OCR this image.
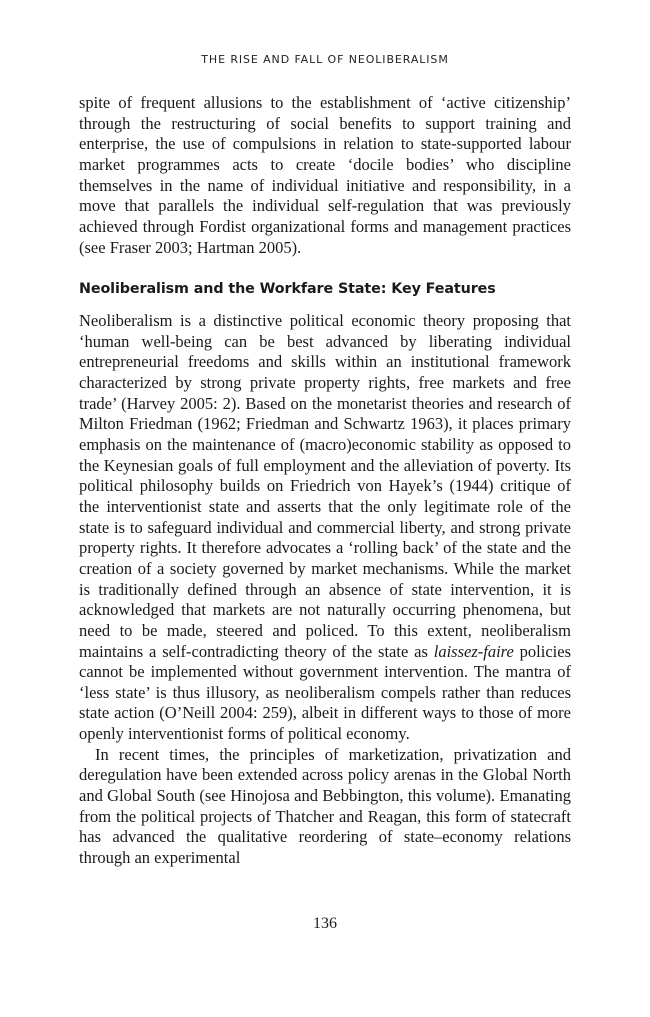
THE RISE AND FALL OF NEOLIBERALISM

spite of frequent allusions to the establishment of ‘active citizenship’ through the restructuring of social benefits to support training and enterprise, the use of compulsions in relation to state-supported labour market programmes acts to create ‘docile bodies’ who discipline themselves in the name of individual initiative and responsibility, in a move that parallels the individual self-regulation that was previously achieved through Fordist organizational forms and management practices (see Fraser 2003; Hartman 2005).

Neoliberalism and the Workfare State: Key Features

Neoliberalism is a distinctive political economic theory proposing that ‘human well-being can be best advanced by liberating individual entrepreneurial freedoms and skills within an institutional framework characterized by strong private property rights, free markets and free trade’ (Harvey 2005: 2). Based on the monetarist theories and research of Milton Friedman (1962; Friedman and Schwartz 1963), it places primary emphasis on the maintenance of (macro)economic stability as opposed to the Keynesian goals of full employment and the alleviation of poverty. Its political philosophy builds on Friedrich von Hayek’s (1944) critique of the interventionist state and asserts that the only legitimate role of the state is to safeguard individual and commercial liberty, and strong private property rights. It therefore advocates a ‘rolling back’ of the state and the creation of a society governed by market mechanisms. While the market is traditionally defined through an absence of state intervention, it is acknowledged that markets are not naturally occurring phenomena, but need to be made, steered and policed. To this extent, neoliberalism maintains a self-contradicting theory of the state as laissez-faire policies cannot be implemented without government intervention. The mantra of ‘less state’ is thus illusory, as neoliberalism compels rather than reduces state action (O’Neill 2004: 259), albeit in different ways to those of more openly interventionist forms of political economy.

In recent times, the principles of marketization, privatization and deregulation have been extended across policy arenas in the Global North and Global South (see Hinojosa and Bebbington, this volume). Emanating from the political projects of Thatcher and Reagan, this form of statecraft has advanced the qualitative reordering of state–economy relations through an experimental

136
